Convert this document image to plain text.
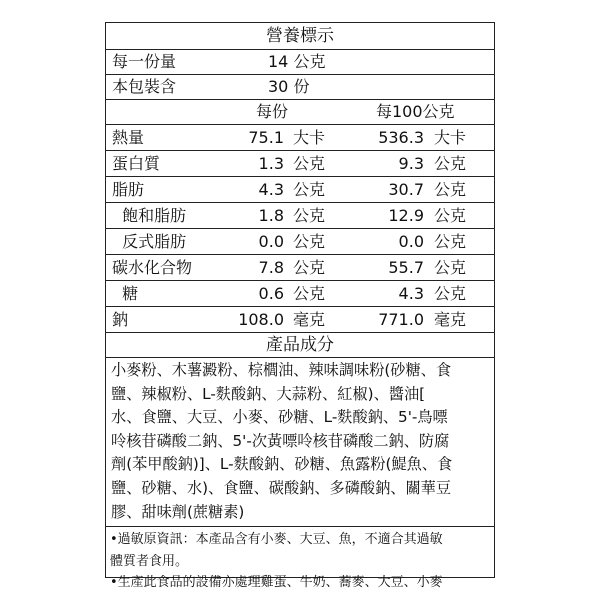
營養標示
每一份量	14 公克
本包裝含	30 份
每份	每100公克
熱量	75.1 大卡	536.3 大卡
蛋白質	1.3 公克	9.3 公克
脂肪	4.3 公克	30.7 公克
飽和脂肪	1.8 公克	12.9 公克
反式脂肪	0.0 公克	0.0 公克
碳水化合物	7.8 公克	55.7 公克
糖	0.6 公克	4.3 公克
鈉	108.0 毫克	771.0 毫克
產品成分
小麥粉、木薯澱粉、棕櫚油、辣味調味粉(砂糖、食
鹽、辣椒粉、L-麩酸鈉、大蒜粉、紅椒)、醬油[
水、食鹽、大豆、小麥、砂糖、L-麩酸鈉、5'-鳥嘌
呤核苷磷酸二鈉、5'-次黃嘌呤核苷磷酸二鈉、防腐
劑(苯甲酸鈉)]、L-麩酸鈉、砂糖、魚露粉(鯷魚、食
鹽、砂糖、水)、食鹽、碳酸鈉、多磷酸鈉、關華豆
膠、甜味劑(蔗糖素)
•過敏原資訊：本產品含有小麥、大豆、魚，不適合其過敏
體質者食用。
•生產此食品的設備亦處理雞蛋、牛奶、蕎麥、大豆、小麥
